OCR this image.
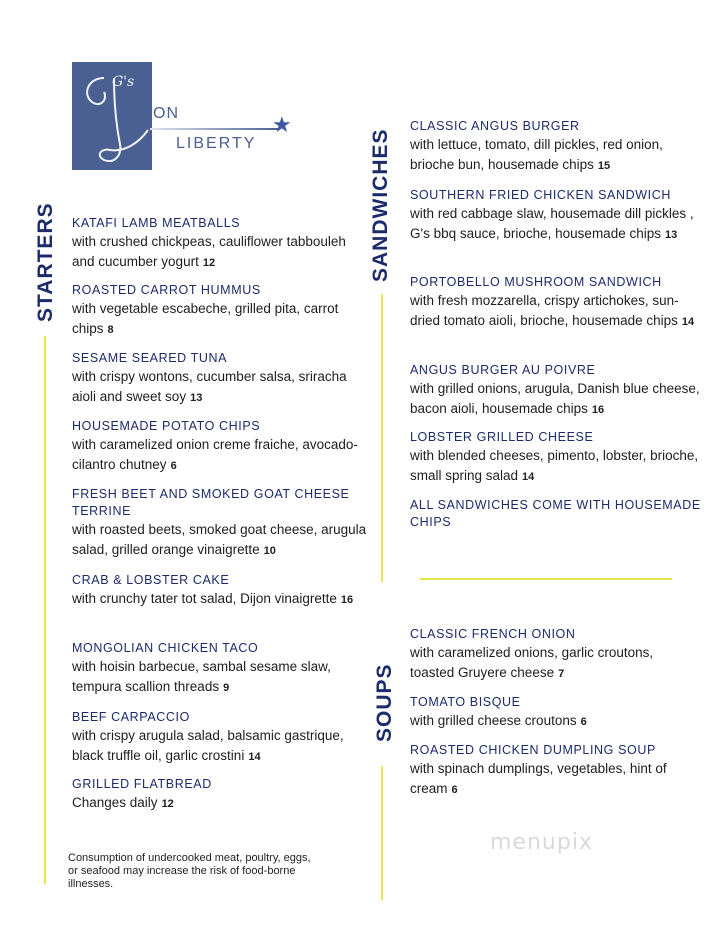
G's
ON
LIBERTY
★
STARTERS	SANDWICHES
SOUPS
KATAFI LAMB MEATBALLS
with crushed chickpeas, cauliflower tabbouleh and cucumber yogurt 12
ROASTED CARROT HUMMUS
with vegetable escabeche, grilled pita, carrot chips 8
SESAME SEARED TUNA
with crispy wontons, cucumber salsa, sriracha aioli and sweet soy 13
HOUSEMADE POTATO CHIPS
with caramelized onion creme fraiche, avocado-cilantro chutney 6
FRESH BEET AND SMOKED GOAT CHEESE TERRINE
with roasted beets, smoked goat cheese, arugula salad, grilled orange vinaigrette 10
CRAB & LOBSTER CAKE
with crunchy tater tot salad, Dijon vinaigrette 16
MONGOLIAN CHICKEN TACO
with hoisin barbecue, sambal sesame slaw, tempura scallion threads 9
BEEF CARPACCIO
with crispy arugula salad, balsamic gastrique, black truffle oil, garlic crostini 14
GRILLED FLATBREAD
Changes daily 12
CLASSIC ANGUS BURGER
with lettuce, tomato, dill pickles, red onion, brioche bun, housemade chips 15
SOUTHERN FRIED CHICKEN SANDWICH
with red cabbage slaw, housemade dill pickles , G's bbq sauce, brioche, housemade chips 13
PORTOBELLO MUSHROOM SANDWICH
with fresh mozzarella, crispy artichokes, sun-dried tomato aioli, brioche, housemade chips 14
ANGUS BURGER AU POIVRE
with grilled onions, arugula, Danish blue cheese, bacon aioli, housemade chips 16
LOBSTER GRILLED CHEESE
with blended cheeses, pimento, lobster, brioche, small spring salad 14
ALL SANDWICHES COME WITH HOUSEMADE CHIPS
CLASSIC FRENCH ONION
with caramelized onions, garlic croutons, toasted Gruyere cheese 7
TOMATO BISQUE
with grilled cheese croutons 6
ROASTED CHICKEN DUMPLING SOUP
with spinach dumplings, vegetables, hint of cream 6
Consumption of undercooked meat, poultry, eggs, or seafood may increase the risk of food-borne illnesses.
menupix
